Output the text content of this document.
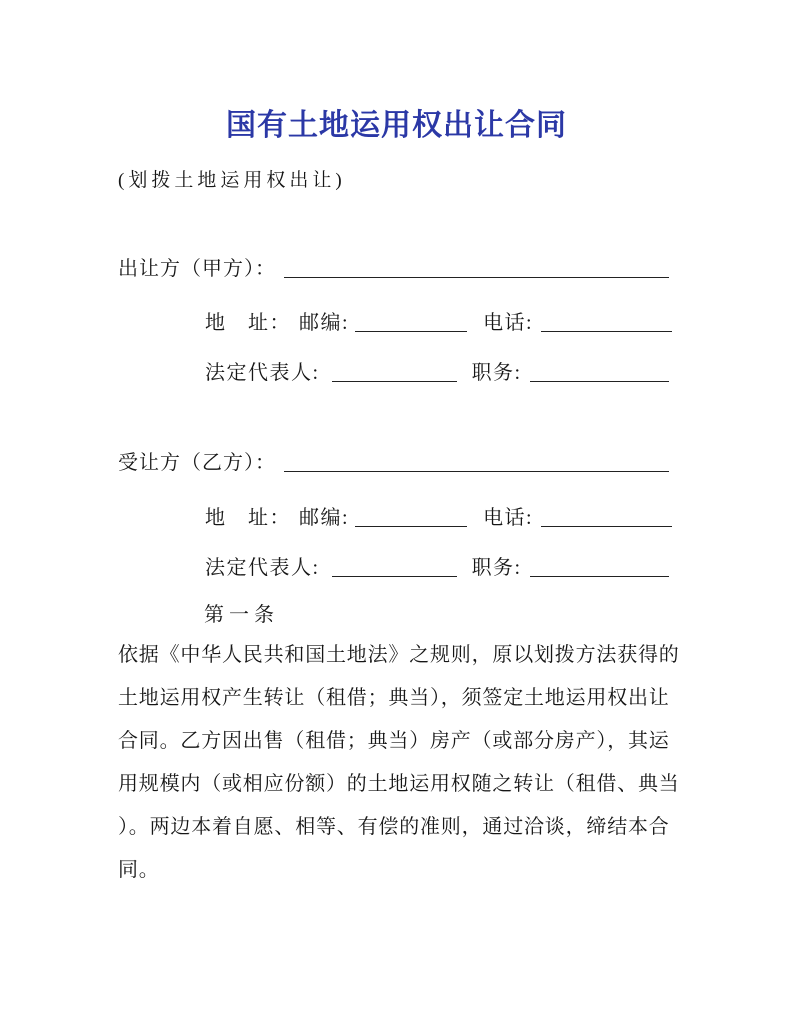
国有土地运用权出让合同
(划拨土地运用权出让)
出让方（甲方）：
地　址： 邮编:	电话:
法定代表人:	职务:
受让方（乙方）：
地　址： 邮编:	电话:
法定代表人:	职务:
第一条
依据《中华人民共和国土地法》之规则，原以划拨方法获得的
土地运用权产生转让（租借；典当），须签定土地运用权出让
合同。乙方因出售（租借；典当）房产（或部分房产），其运
用规模内（或相应份额）的土地运用权随之转让（租借、典当
）。两边本着自愿、相等、有偿的准则，通过洽谈，缔结本合
同。
